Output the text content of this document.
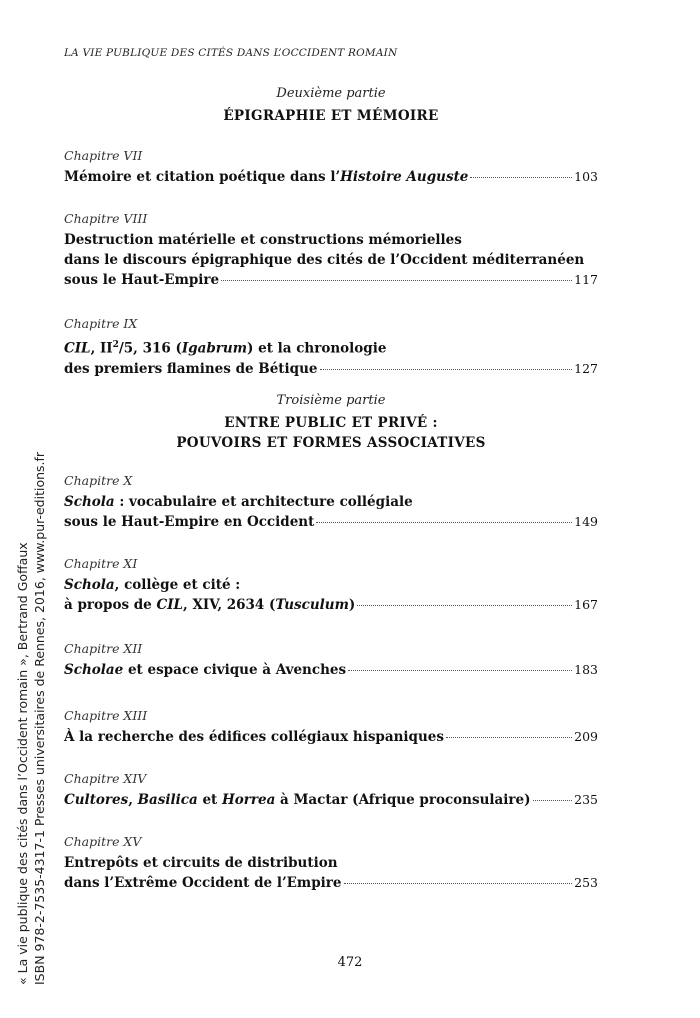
LA VIE PUBLIQUE DES CITÉS DANS L’OCCIDENT ROMAIN
Deuxième partie
ÉPIGRAPHIE ET MÉMOIRE
Chapitre VII
Mémoire et citation poétique dans l’Histoire Auguste	103
Chapitre VIII
Destruction matérielle et constructions mémorielles
dans le discours épigraphique des cités de l’Occident méditerranéen
sous le Haut-Empire	117
Chapitre IX
CIL, $II^2/5$, 316 (Igabrum) et la chronologie
des premiers flamines de Bétique	127
Troisième partie
ENTRE PUBLIC ET PRIVÉ :
POUVOIRS ET FORMES ASSOCIATIVES
Chapitre X
Schola : vocabulaire et architecture collégiale
sous le Haut-Empire en Occident	149
Chapitre XI
Schola, collège et cité :
à propos de CIL, XIV, 2634 (Tusculum)	167
Chapitre XII
Scholae et espace civique à Avenches	183
Chapitre XIII
À la recherche des édifices collégiaux hispaniques	209
Chapitre XIV
Cultores, Basilica et Horrea à Mactar (Afrique proconsulaire)	235
Chapitre XV
Entrepôts et circuits de distribution
dans l’Extrême Occident de l’Empire	253
472
« La vie publique des cités dans l’Occident romain », Bertrand Goffaux ISBN 978-2-7535-4317-1 Presses universitaires de Rennes, 2016, www.pur-editions.fr
